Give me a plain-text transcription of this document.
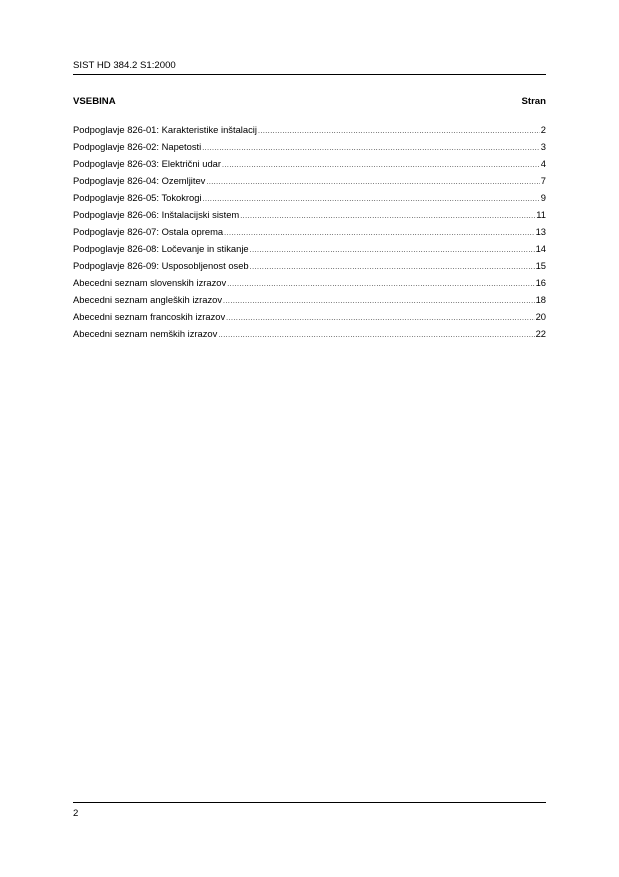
SIST HD 384.2 S1:2000
VSEBINA	Stran
Podpoglavje 826-01: Karakteristike inštalacij .....	2
Podpoglavje 826-02: Napetosti .....	3
Podpoglavje 826-03: Električni udar .....	4
Podpoglavje 826-04: Ozemljitev .....	7
Podpoglavje 826-05: Tokokrogi .....	9
Podpoglavje 826-06: Inštalacijski sistem .....	11
Podpoglavje 826-07: Ostala oprema .....	13
Podpoglavje 826-08: Ločevanje in stikanje .....	14
Podpoglavje 826-09: Usposobljenost oseb .....	15
Abecedni seznam slovenskih izrazov .....	16
Abecedni seznam angleških izrazov .....	18
Abecedni seznam francoskih izrazov .....	20
Abecedni seznam nemških izrazov .....	22
2
